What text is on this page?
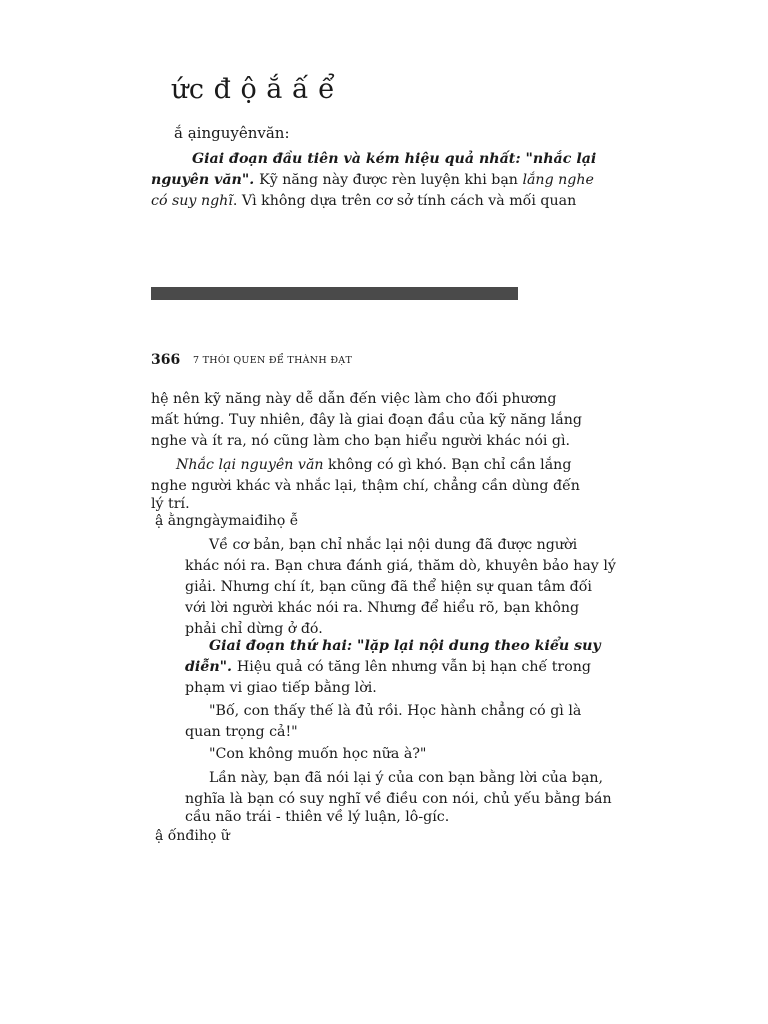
ức đ ộ ắ ấ ể
ắ ạinguyênvăn:
Giai đoạn đầu tiên và kém hiệu quả nhất: "nhắc lại
nguyên văn". Kỹ năng này được rèn luyện khi bạn lắng nghe
có suy nghĩ. Vì không dựa trên cơ sở tính cách và mối quan
366 7 THÓI QUEN ĐỂ THÀNH ĐẠT
hệ nên kỹ năng này dễ dẫn đến việc làm cho đối phương
mất hứng. Tuy nhiên, đây là giai đoạn đầu của kỹ năng lắng
nghe và ít ra, nó cũng làm cho bạn hiểu người khác nói gì.
Nhắc lại nguyên văn không có gì khó. Bạn chỉ cần lắng
nghe người khác và nhắc lại, thậm chí, chẳng cần dùng đến
lý trí.
ậ ằngngàymaiđihọ ễ
Về cơ bản, bạn chỉ nhắc lại nội dung đã được người
khác nói ra. Bạn chưa đánh giá, thăm dò, khuyên bảo hay lý
giải. Nhưng chí ít, bạn cũng đã thể hiện sự quan tâm đối
với lời người khác nói ra. Nhưng để hiểu rõ, bạn không
phải chỉ dừng ở đó.
Giai đoạn thứ hai: "lặp lại nội dung theo kiểu suy
diễn". Hiệu quả có tăng lên nhưng vẫn bị hạn chế trong
phạm vi giao tiếp bằng lời.
"Bố, con thấy thế là đủ rồi. Học hành chẳng có gì là
quan trọng cả!"
"Con không muốn học nữa à?"
Lần này, bạn đã nói lại ý của con bạn bằng lời của bạn,
nghĩa là bạn có suy nghĩ về điều con nói, chủ yếu bằng bán
cầu não trái - thiên về lý luận, lô-gíc.
ậ ốnđihọ ữ
